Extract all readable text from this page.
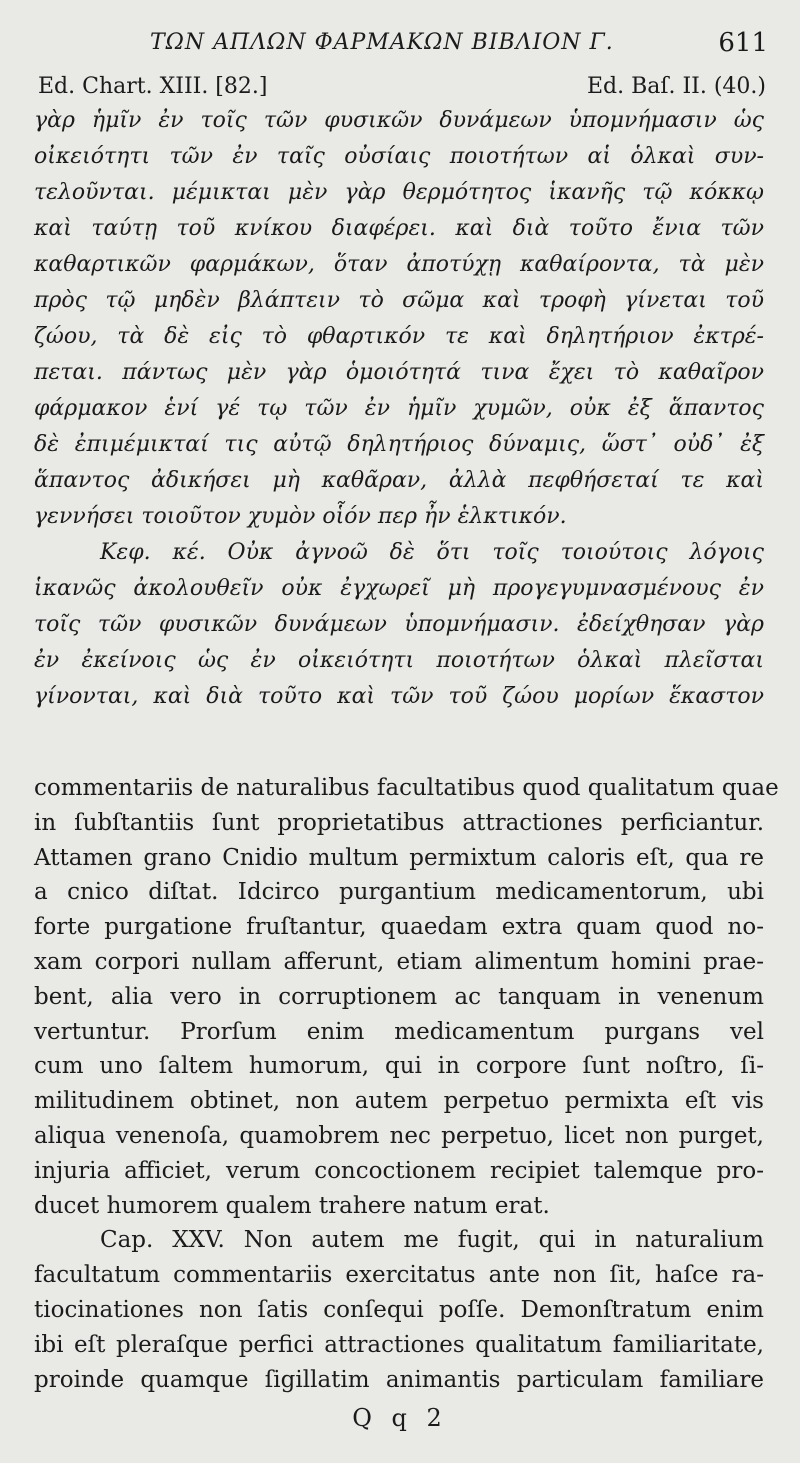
ΤΩΝ ΑΠΛΩΝ ΦΑΡΜΑΚΩΝ ΒΙΒΛΙΟΝ Γ.	611
Ed. Chart. XIII. [82.]	Ed. Baſ. II. (40.)
γὰρ ἡμῖν ἐν τοῖς τῶν φυσικῶν δυνάμεων ὑπομνήμασιν ὡς
οἰκειότητι τῶν ἐν ταῖς οὐσίαις ποιοτήτων αἱ ὁλκαὶ συν-
τελοῦνται. μέμικται μὲν γὰρ θερμότητος ἱκανῆς τῷ κόκκῳ
καὶ ταύτῃ τοῦ κνίκου διαφέρει. καὶ διὰ τοῦτο ἔνια τῶν
καθαρτικῶν φαρμάκων, ὅταν ἀποτύχῃ καθαίροντα, τὰ μὲν
πρὸς τῷ μηδὲν βλάπτειν τὸ σῶμα καὶ τροφὴ γίνεται τοῦ
ζώου, τὰ δὲ εἰς τὸ φθαρτικόν τε καὶ δηλητήριον ἐκτρέ-
πεται. πάντως μὲν γὰρ ὁμοιότητά τινα ἔχει τὸ καθαῖρον
φάρμακον ἑνί γέ τῳ τῶν ἐν ἡμῖν χυμῶν, οὐκ ἐξ ἅπαντος
δὲ ἐπιμέμικταί τις αὐτῷ δηλητήριος δύναμις, ὥστ᾽ οὐδ᾽ ἐξ
ἅπαντος ἀδικήσει μὴ καθᾶραν, ἀλλὰ πεφθήσεταί τε καὶ
γεννήσει τοιοῦτον χυμὸν οἷόν περ ἦν ἑλκτικόν.
Κεφ. κέ. Οὐκ ἀγνοῶ δὲ ὅτι τοῖς τοιούτοις λόγοις
ἱκανῶς ἀκολουθεῖν οὐκ ἐγχωρεῖ μὴ προγεγυμνασμένους ἐν
τοῖς τῶν φυσικῶν δυνάμεων ὑπομνήμασιν. ἐδείχθησαν γὰρ
ἐν ἐκείνοις ὡς ἐν οἰκειότητι ποιοτήτων ὁλκαὶ πλεῖσται
γίνονται, καὶ διὰ τοῦτο καὶ τῶν τοῦ ζώου μορίων ἕκαστον
commentariis de naturalibus facultatibus quod qualitatum quae
in ſubſtantiis ſunt proprietatibus attractiones perficiantur.
Attamen grano Cnidio multum permixtum caloris eſt, qua re
a cnico diſtat. Idcirco purgantium medicamentorum, ubi
forte purgatione fruſtantur, quaedam extra quam quod no-
xam corpori nullam afferunt, etiam alimentum homini prae-
bent, alia vero in corruptionem ac tanquam in venenum
vertuntur. Prorſum enim medicamentum purgans vel
cum uno ſaltem humorum, qui in corpore ſunt noſtro, ſi-
militudinem obtinet, non autem perpetuo permixta eſt vis
aliqua venenoſa, quamobrem nec perpetuo, licet non purget,
injuria afficiet, verum concoctionem recipiet talemque pro-
ducet humorem qualem trahere natum erat.
Cap. XXV. Non autem me fugit, qui in naturalium
facultatum commentariis exercitatus ante non ſit, haſce ra-
tiocinationes non ſatis conſequi poſſe. Demonſtratum enim
ibi eſt pleraſque perfici attractiones qualitatum familiaritate,
proinde quamque ſigillatim animantis particulam familiare
Q q 2
